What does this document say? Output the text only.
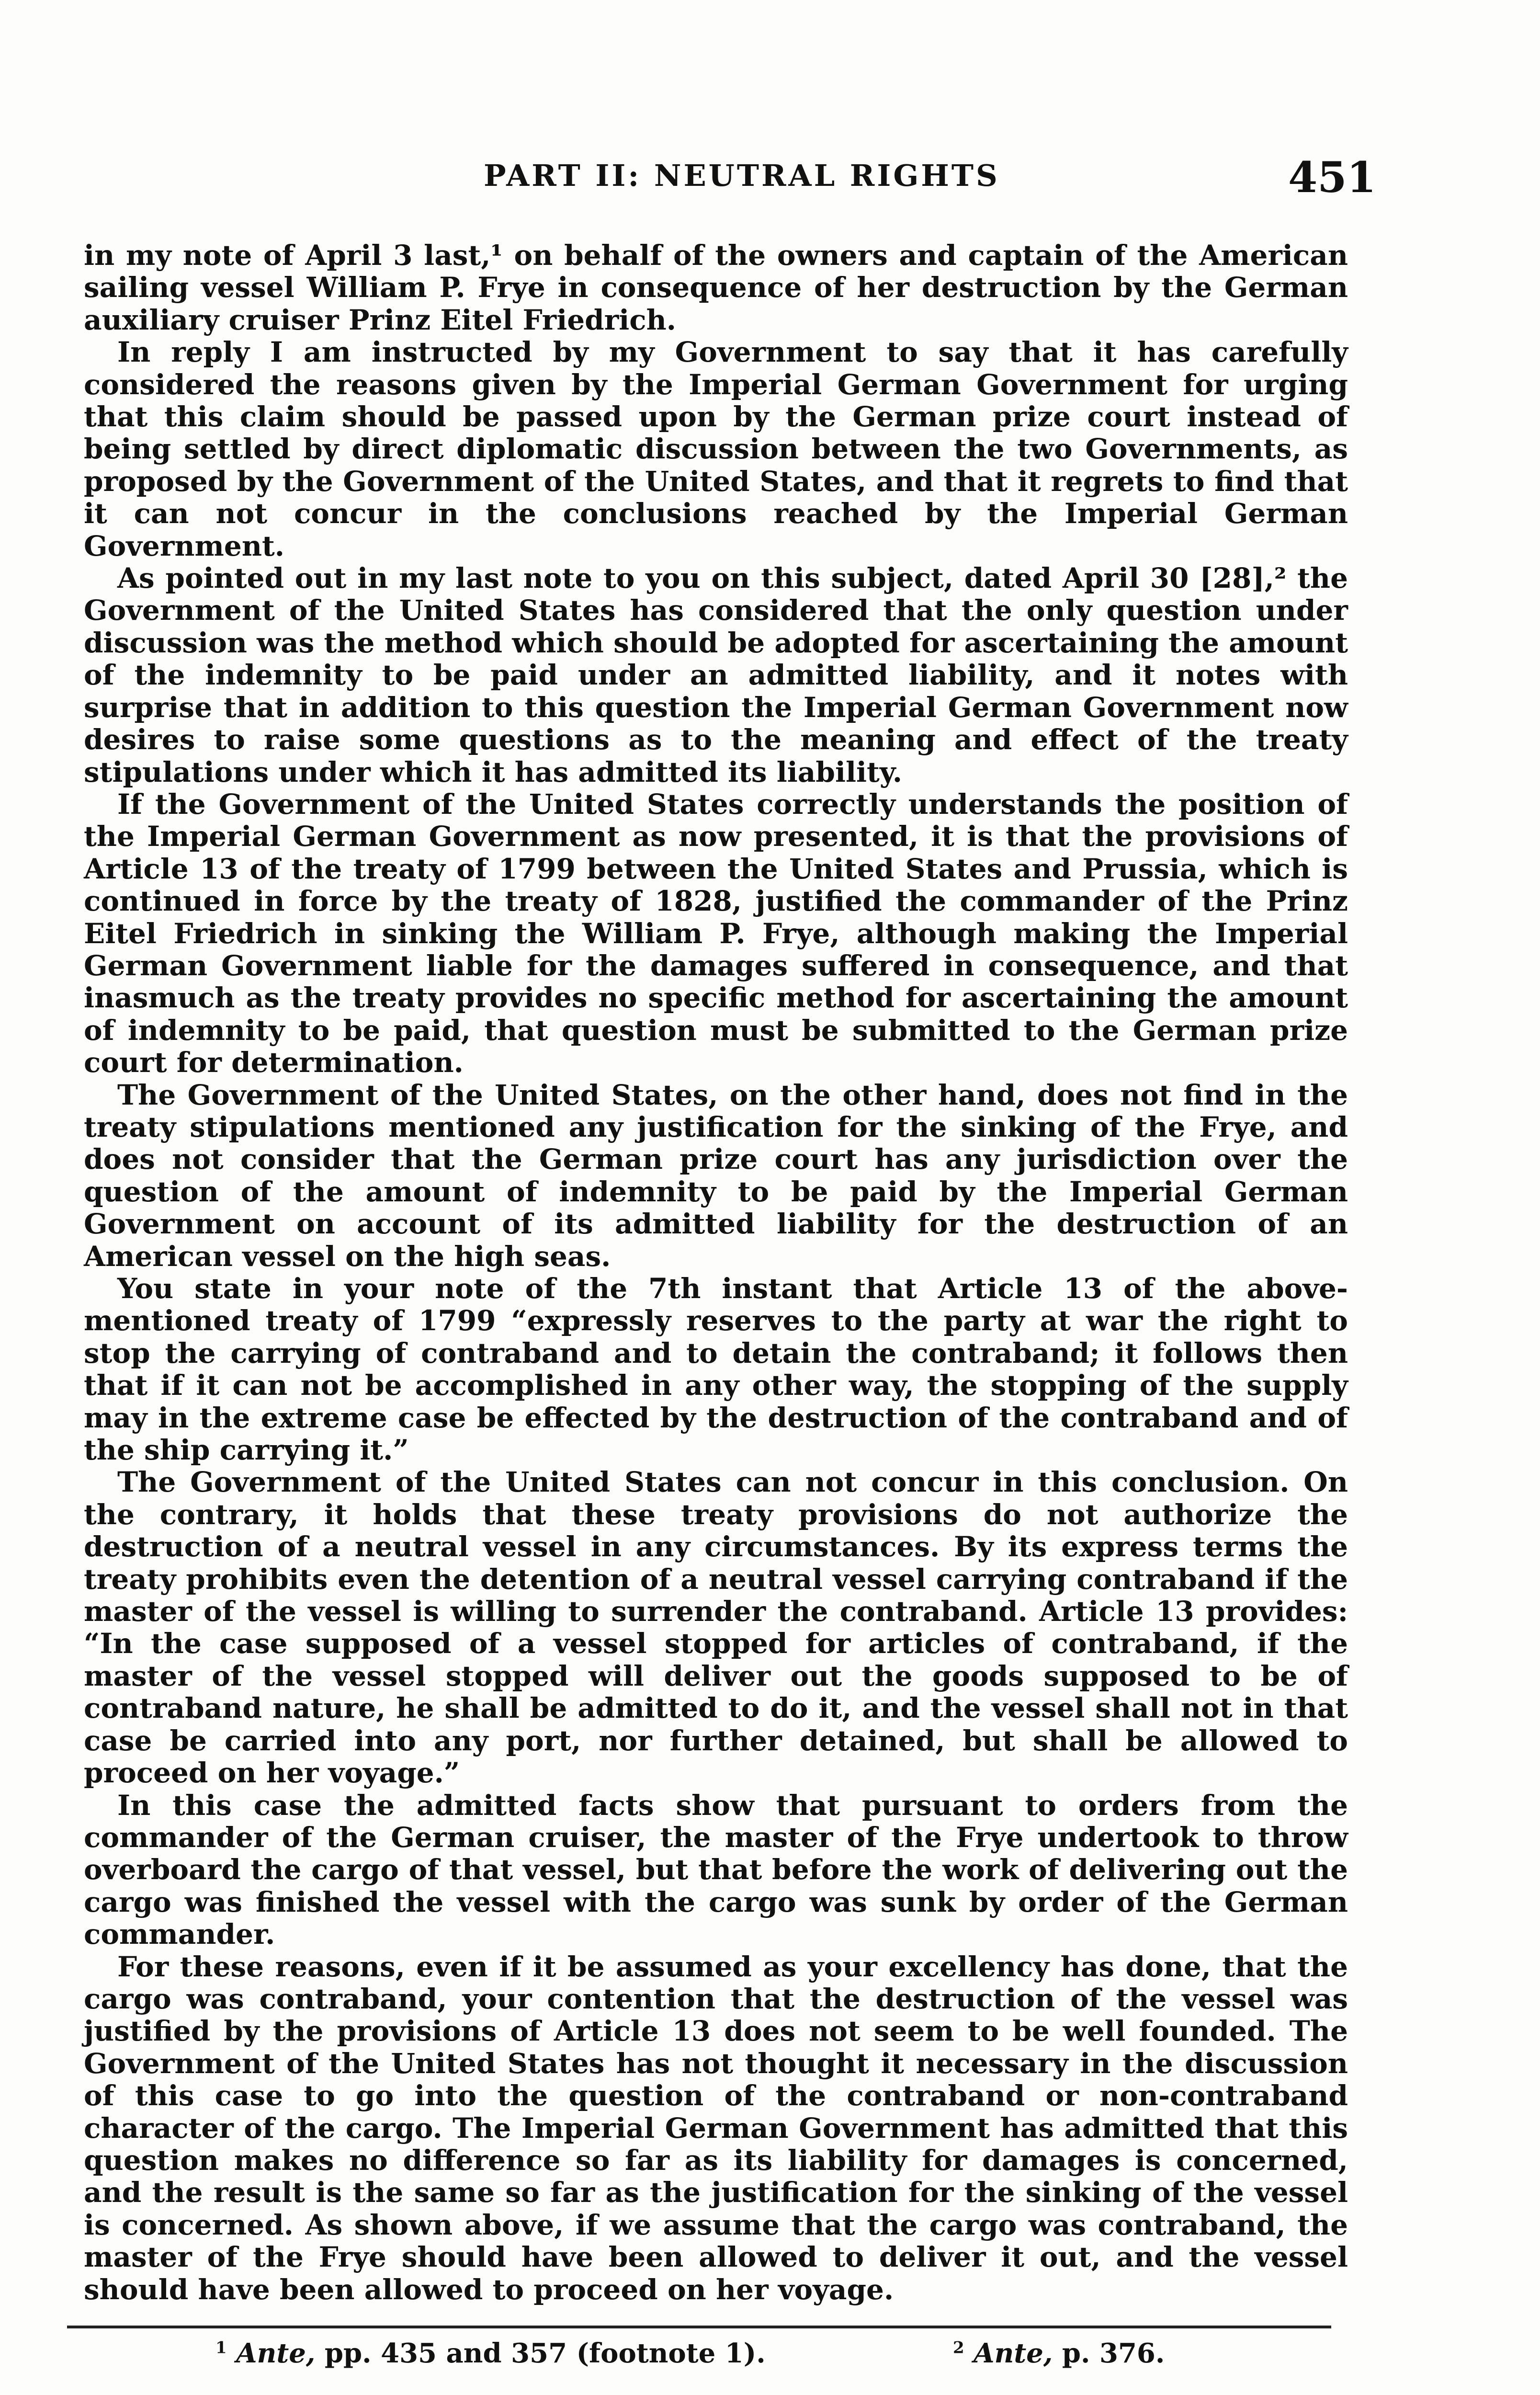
PART II: NEUTRAL RIGHTS	451

in my note of April 3 last,¹ on behalf of the owners and captain of the American sailing vessel William P. Frye in consequence of her destruction by the German auxiliary cruiser Prinz Eitel Friedrich.

In reply I am instructed by my Government to say that it has carefully considered the reasons given by the Imperial German Government for urging that this claim should be passed upon by the German prize court instead of being settled by direct diplomatic discussion between the two Governments, as proposed by the Government of the United States, and that it regrets to find that it can not concur in the conclusions reached by the Imperial German Government.

As pointed out in my last note to you on this subject, dated April 30 [28],² the Government of the United States has considered that the only question under discussion was the method which should be adopted for ascertaining the amount of the indemnity to be paid under an admitted liability, and it notes with surprise that in addition to this question the Imperial German Government now desires to raise some questions as to the meaning and effect of the treaty stipulations under which it has admitted its liability.

If the Government of the United States correctly understands the position of the Imperial German Government as now presented, it is that the provisions of Article 13 of the treaty of 1799 between the United States and Prussia, which is continued in force by the treaty of 1828, justified the commander of the Prinz Eitel Friedrich in sinking the William P. Frye, although making the Imperial German Government liable for the damages suffered in consequence, and that inasmuch as the treaty provides no specific method for ascertaining the amount of indemnity to be paid, that question must be submitted to the German prize court for determination.

The Government of the United States, on the other hand, does not find in the treaty stipulations mentioned any justification for the sinking of the Frye, and does not consider that the German prize court has any jurisdiction over the question of the amount of indemnity to be paid by the Imperial German Government on account of its admitted liability for the destruction of an American vessel on the high seas.

You state in your note of the 7th instant that Article 13 of the above-mentioned treaty of 1799 “expressly reserves to the party at war the right to stop the carrying of contraband and to detain the contraband; it follows then that if it can not be accomplished in any other way, the stopping of the supply may in the extreme case be effected by the destruction of the contraband and of the ship carrying it.”

The Government of the United States can not concur in this conclusion. On the contrary, it holds that these treaty provisions do not authorize the destruction of a neutral vessel in any circumstances. By its express terms the treaty prohibits even the detention of a neutral vessel carrying contraband if the master of the vessel is willing to surrender the contraband. Article 13 provides: “In the case supposed of a vessel stopped for articles of contraband, if the master of the vessel stopped will deliver out the goods supposed to be of contraband nature, he shall be admitted to do it, and the vessel shall not in that case be carried into any port, nor further detained, but shall be allowed to proceed on her voyage.”

In this case the admitted facts show that pursuant to orders from the commander of the German cruiser, the master of the Frye undertook to throw overboard the cargo of that vessel, but that before the work of delivering out the cargo was finished the vessel with the cargo was sunk by order of the German commander.

For these reasons, even if it be assumed as your excellency has done, that the cargo was contraband, your contention that the destruction of the vessel was justified by the provisions of Article 13 does not seem to be well founded. The Government of the United States has not thought it necessary in the discussion of this case to go into the question of the contraband or non-contraband character of the cargo. The Imperial German Government has admitted that this question makes no difference so far as its liability for damages is concerned, and the result is the same so far as the justification for the sinking of the vessel is concerned. As shown above, if we assume that the cargo was contraband, the master of the Frye should have been allowed to deliver it out, and the vessel should have been allowed to proceed on her voyage.

$^1$ Ante, pp. 435 and 357 (footnote 1).	$^2$ Ante, p. 376.
